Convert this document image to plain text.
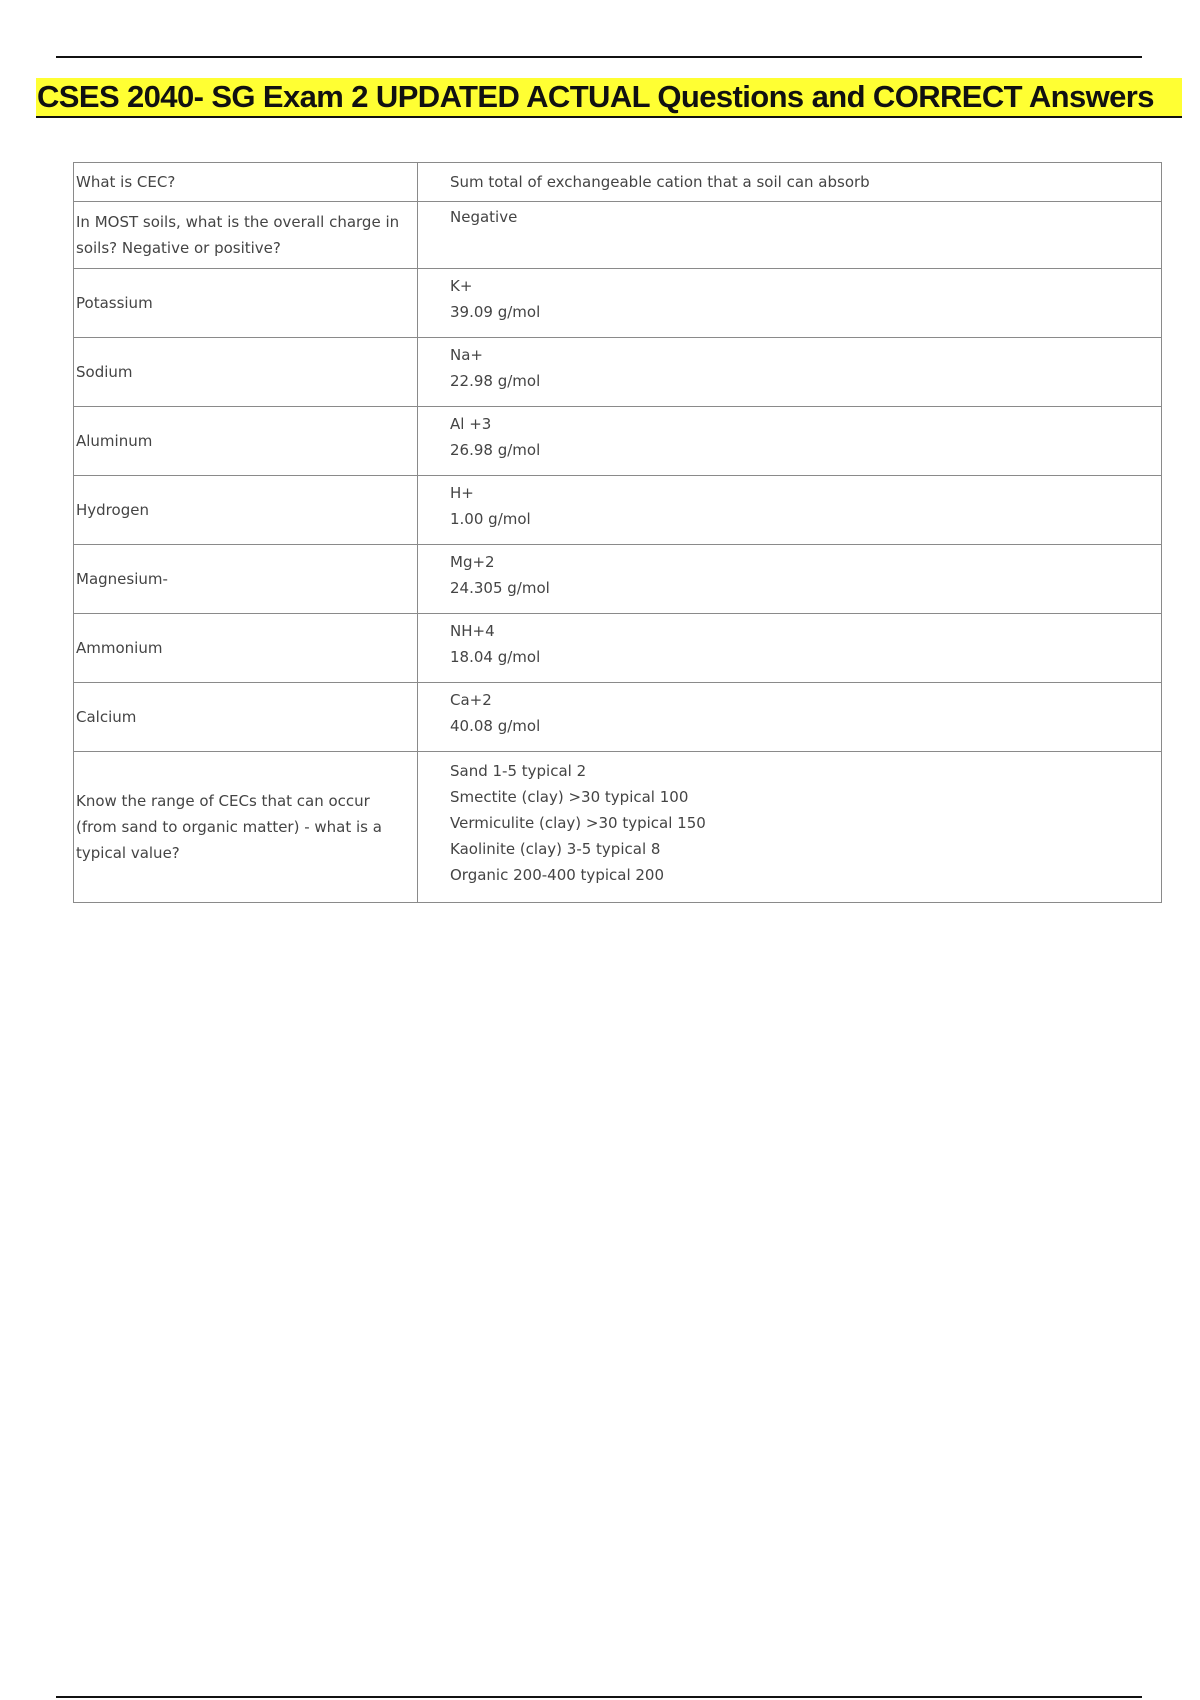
CSES 2040- SG Exam 2 UPDATED ACTUAL Questions and CORRECT Answers
What is CEC?	Sum total of exchangeable cation that a soil can absorb

In MOST soils, what is the overall charge in soils? Negative or positive?	Negative

Potassium	K+
39.09 g/mol

Sodium	Na+
22.98 g/mol

Aluminum	Al +3
26.98 g/mol

Hydrogen	H+
1.00 g/mol

Magnesium-	Mg+2
24.305 g/mol

Ammonium	NH+4
18.04 g/mol

Calcium	Ca+2
40.08 g/mol

Know the range of CECs that can occur (from sand to organic matter) - what is a typical value?	Sand 1-5 typical 2
Smectite (clay) >30 typical 100
Vermiculite (clay) >30 typical 150
Kaolinite (clay) 3-5 typical 8
Organic 200-400 typical 200
